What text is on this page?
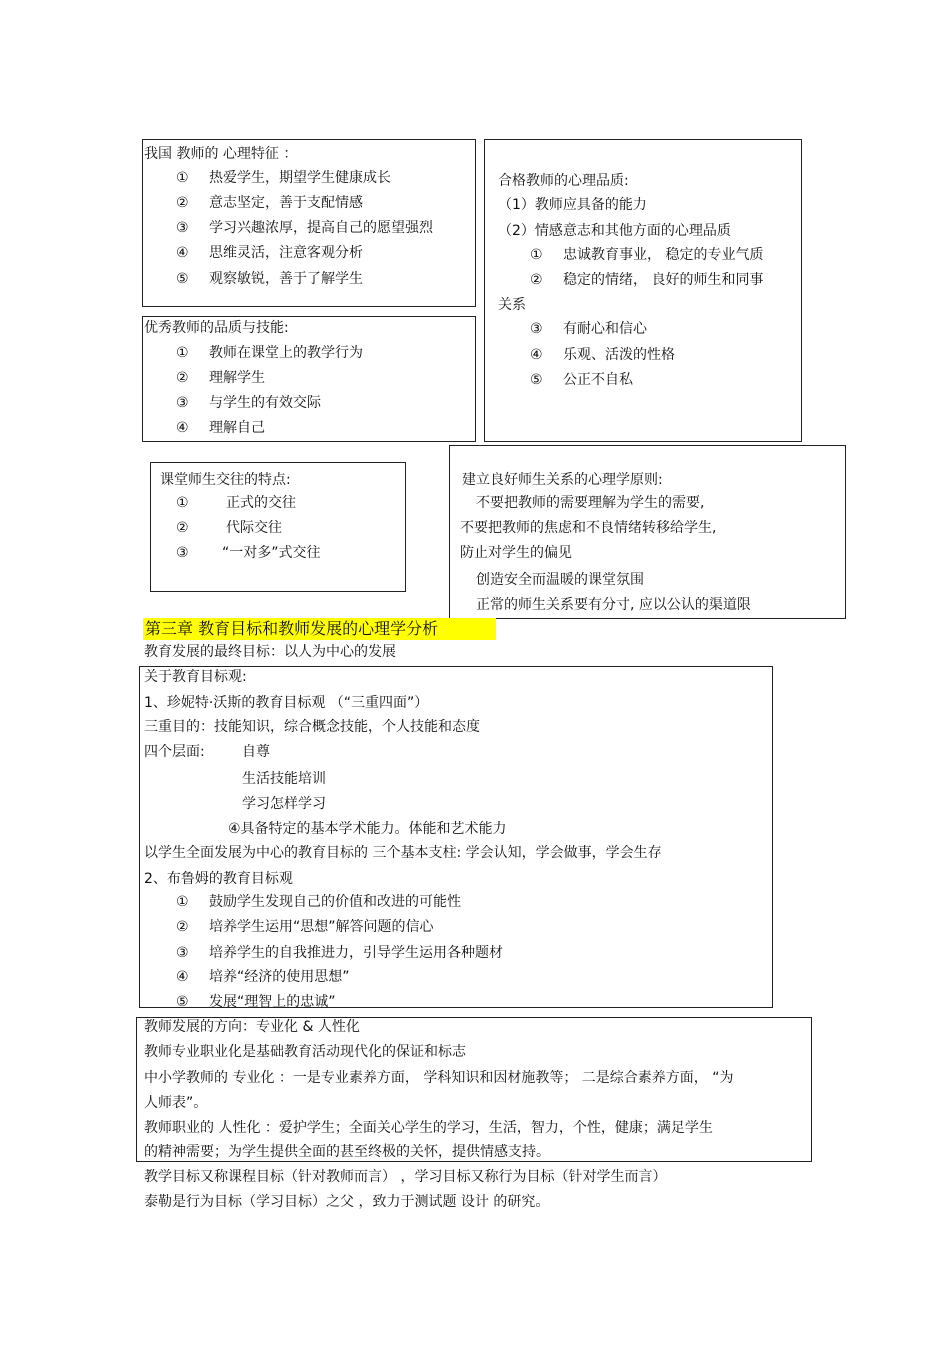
我国 教师的 心理特征 ：
① 热爱学生，期望学生健康成长
② 意志坚定，善于支配情感
③ 学习兴趣浓厚，提高自己的愿望强烈
④ 思维灵活，注意客观分析
⑤ 观察敏锐，善于了解学生
合格教师的心理品质:
（1）教师应具备的能力
（2）情感意志和其他方面的心理品质
① 忠诚教育事业， 稳定的专业气质
② 稳定的情绪， 良好的师生和同事
关系
③ 有耐心和信心
④ 乐观、活泼的性格
⑤ 公正不自私
优秀教师的品质与技能:
① 教师在课堂上的教学行为
② 理解学生
③ 与学生的有效交际
④ 理解自己
课堂师生交往的特点:
①	正式的交往
②	代际交往
③ “一对多”式交往
建立良好师生关系的心理学原则:
不要把教师的需要理解为学生的需要,
不要把教师的焦虑和不良情绪转移给学生,
防止对学生的偏见
创造安全而温暖的课堂氛围
正常的师生关系要有分寸, 应以公认的渠道限
第三章 教育目标和教师发展的心理学分析
教育发展的最终目标：以人为中心的发展
关于教育目标观:
1、珍妮特·沃斯的教育目标观 （“三重四面”）
三重目的：技能知识，综合概念技能，个人技能和态度
四个层面:	自尊
生活技能培训
学习怎样学习
④具备特定的基本学术能力。体能和艺术能力
以学生全面发展为中心的教育目标的 三个基本支柱: 学会认知，学会做事，学会生存
2、布鲁姆的教育目标观
① 鼓励学生发现自己的价值和改进的可能性
② 培养学生运用“思想”解答问题的信心
③ 培养学生的自我推进力，引导学生运用各种题材
④ 培养“经济的使用思想”
⑤ 发展“理智上的忠诚”
教师发展的方向：专业化 & 人性化
教师专业职业化是基础教育活动现代化的保证和标志
中小学教师的 专业化 ：一是专业素养方面， 学科知识和因材施教等； 二是综合素养方面， “为
人师表”。
教师职业的 人性化 ：爱护学生；全面关心学生的学习，生活，智力，个性，健康；满足学生
的精神需要；为学生提供全面的甚至终极的关怀，提供情感支持。
教学目标又称课程目标（针对教师而言） ，学习目标又称行为目标（针对学生而言）
泰勒是行为目标（学习目标）之父 ，致力于测试题 设计 的研究。
